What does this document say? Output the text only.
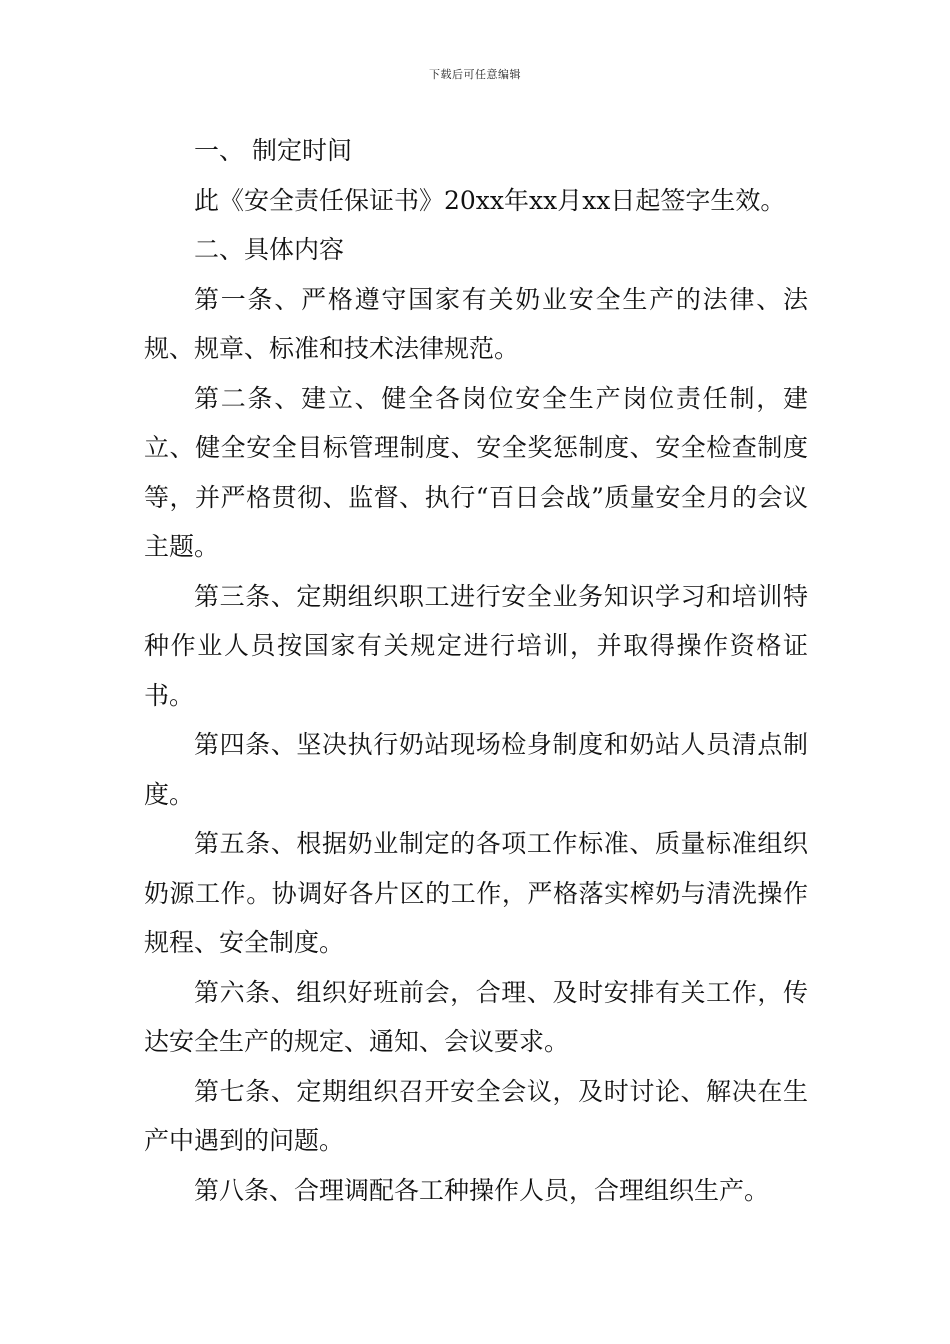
下载后可任意编辑

一、 制定时间

此《安全责任保证书》20xx年xx月xx日起签字生效。

二、具体内容

第一条、严格遵守国家有关奶业安全生产的法律、法规、规章、标准和技术法律规范。

第二条、建立、健全各岗位安全生产岗位责任制，建立、健全安全目标管理制度、安全奖惩制度、安全检查制度等，并严格贯彻、监督、执行“百日会战”质量安全月的会议主题。

第三条、定期组织职工进行安全业务知识学习和培训特种作业人员按国家有关规定进行培训，并取得操作资格证书。

第四条、坚决执行奶站现场检身制度和奶站人员清点制度。

第五条、根据奶业制定的各项工作标准、质量标准组织奶源工作。协调好各片区的工作，严格落实榨奶与清洗操作规程、安全制度。

第六条、组织好班前会，合理、及时安排有关工作，传达安全生产的规定、通知、会议要求。

第七条、定期组织召开安全会议，及时讨论、解决在生产中遇到的问题。

第八条、合理调配各工种操作人员，合理组织生产。
